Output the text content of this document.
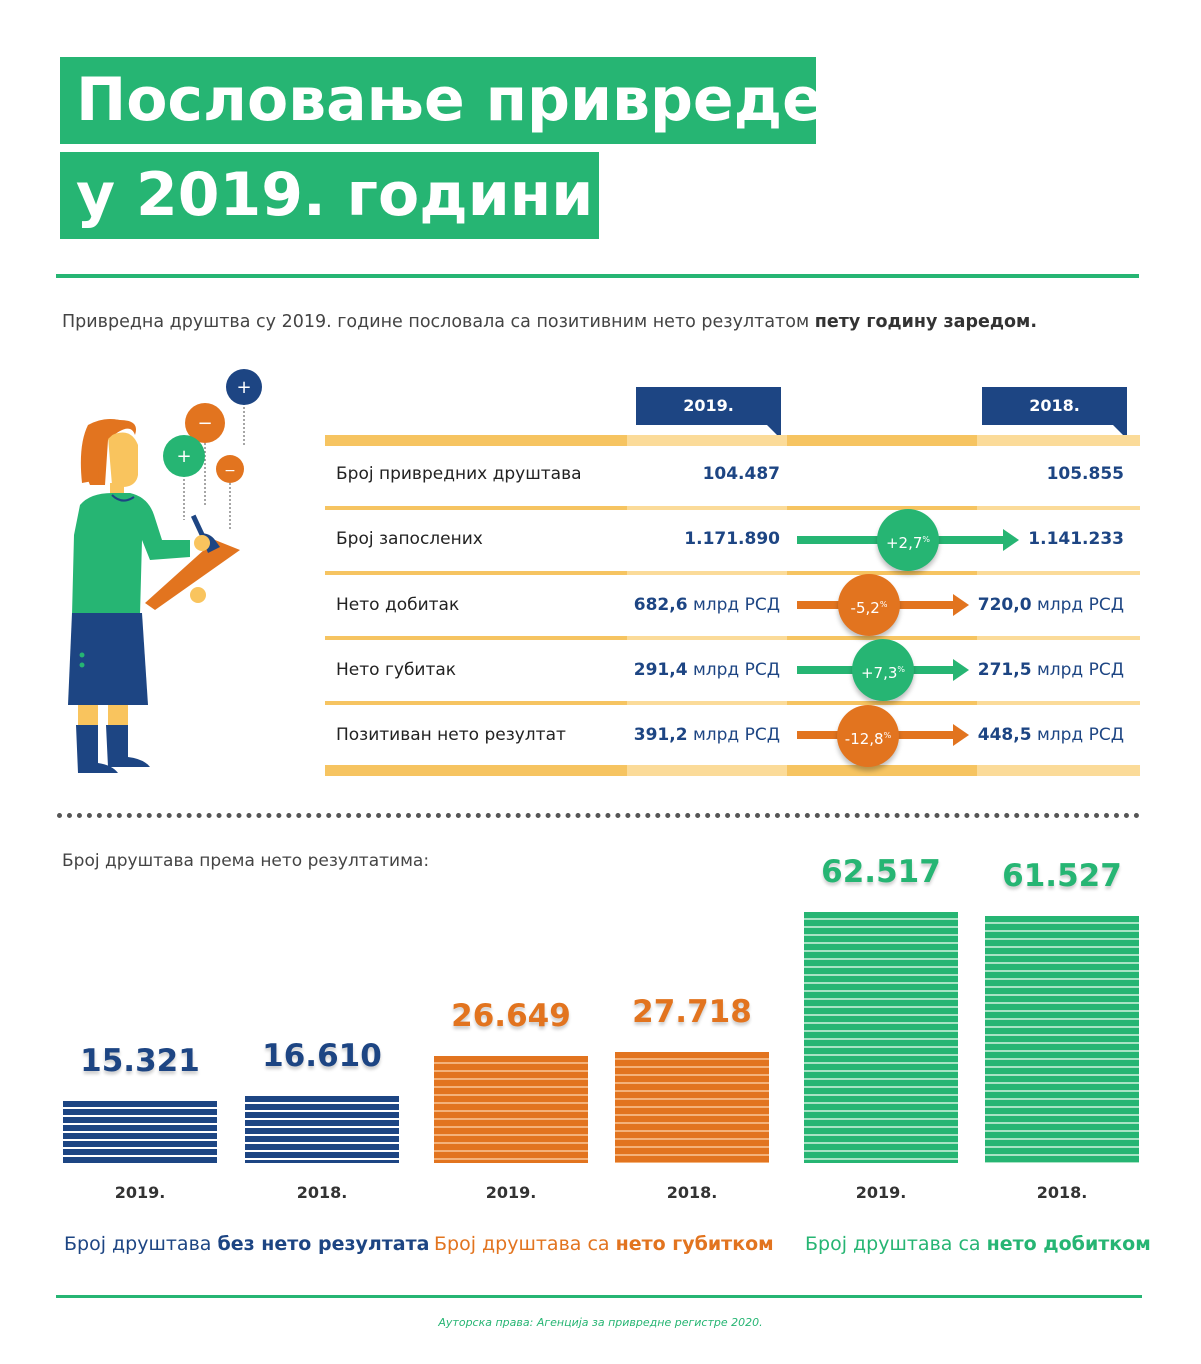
Пословање привреде
у 2019. години
Привредна друштва су 2019. године пословала са позитивним нето резултатом пету годину заредом.
+
−
+
−
2019.	2018.
Број привредних друштава	104.487	105.855
Број запослених	1.171.890	+2,7%	1.141.233
Нето добитак	682,6 млрд РСД	-5,2%	720,0 млрд РСД
Нето губитак	291,4 млрд РСД	+7,3%	271,5 млрд РСД
Позитиван нето резултат	391,2 млрд РСД	-12,8%	448,5 млрд РСД
Број друштава према нето резултатима:
15.321
2019.
16.610
2018.
26.649
2019.
27.718
2018.
62.517
2019.
61.527
2018.
Број друштава без нето резултата Број друштава са нето губитком Број друштава са нето добитком
Ауторска права: Агенција за привредне регистре 2020.
